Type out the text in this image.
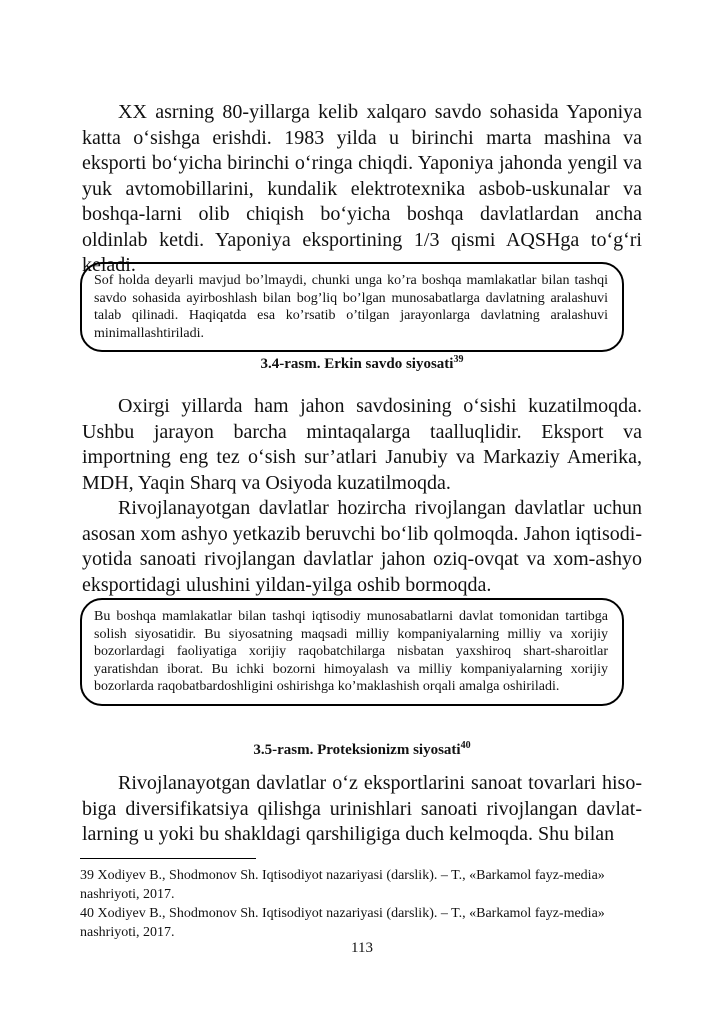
XX asrning 80-yillarga kelib xalqaro savdo sohasida Yaponiya katta o‘sishga erishdi. 1983 yilda u birinchi marta mashina va eksporti bo‘yicha birinchi o‘ringa chiqdi. Yaponiya jahonda yengil va yuk avtomobillarini, kundalik elektrotexnika asbob-uskunalar va boshqa-larni olib chiqish bo‘yicha boshqa davlatlardan ancha oldinlab ketdi. Yaponiya eksportining 1/3 qismi AQSHga to‘g‘ri keladi.

Sof holda deyarli mavjud bo’lmaydi, chunki unga ko’ra boshqa mamlakatlar bilan tashqi savdo sohasida ayirboshlash bilan bog’liq bo’lgan munosabatlarga davlatning aralashuvi talab qilinadi. Haqiqatda esa ko’rsatib o’tilgan jarayonlarga davlatning aralashuvi minimallashtiriladi.

3.4-rasm. Erkin savdo siyosati$^{39}$

Oxirgi yillarda ham jahon savdosining o‘sishi kuzatilmoqda. Ushbu jarayon barcha mintaqalarga taalluqlidir. Eksport va importning eng tez o‘sish sur’atlari Janubiy va Markaziy Amerika, MDH, Yaqin Sharq va Osiyoda kuzatilmoqda.

Rivojlanayotgan davlatlar hozircha rivojlangan davlatlar uchun asosan xom ashyo yetkazib beruvchi bo‘lib qolmoqda. Jahon iqtisodi-yotida sanoati rivojlangan davlatlar jahon oziq-ovqat va xom-ashyo eksportidagi ulushini yildan-yilga oshib bormoqda.

Bu boshqa mamlakatlar bilan tashqi iqtisodiy munosabatlarni davlat tomonidan tartibga solish siyosatidir. Bu siyosatning maqsadi milliy kompaniyalarning milliy va xorijiy bozorlardagi faoliyatiga xorijiy raqobatchilarga nisbatan yaxshiroq shart-sharoitlar yaratishdan iborat. Bu ichki bozorni himoyalash va milliy kompaniyalarning xorijiy bozorlarda raqobatbardoshligini oshirishga ko’maklashish orqali amalga oshiriladi.

3.5-rasm. Proteksionizm siyosati$^{40}$

Rivojlanayotgan davlatlar o‘z eksportlarini sanoat tovarlari hiso-biga diversifikatsiya qilishga urinishlari sanoati rivojlangan davlat-larning u yoki bu shakldagi qarshiligiga duch kelmoqda. Shu bilan

39 Xodiyev B., Shodmonov Sh. Iqtisodiyot nazariyasi (darslik). – T., «Barkamol fayz-media» nashriyoti, 2017.

40 Xodiyev B., Shodmonov Sh. Iqtisodiyot nazariyasi (darslik). – T., «Barkamol fayz-media» nashriyoti, 2017.

113
